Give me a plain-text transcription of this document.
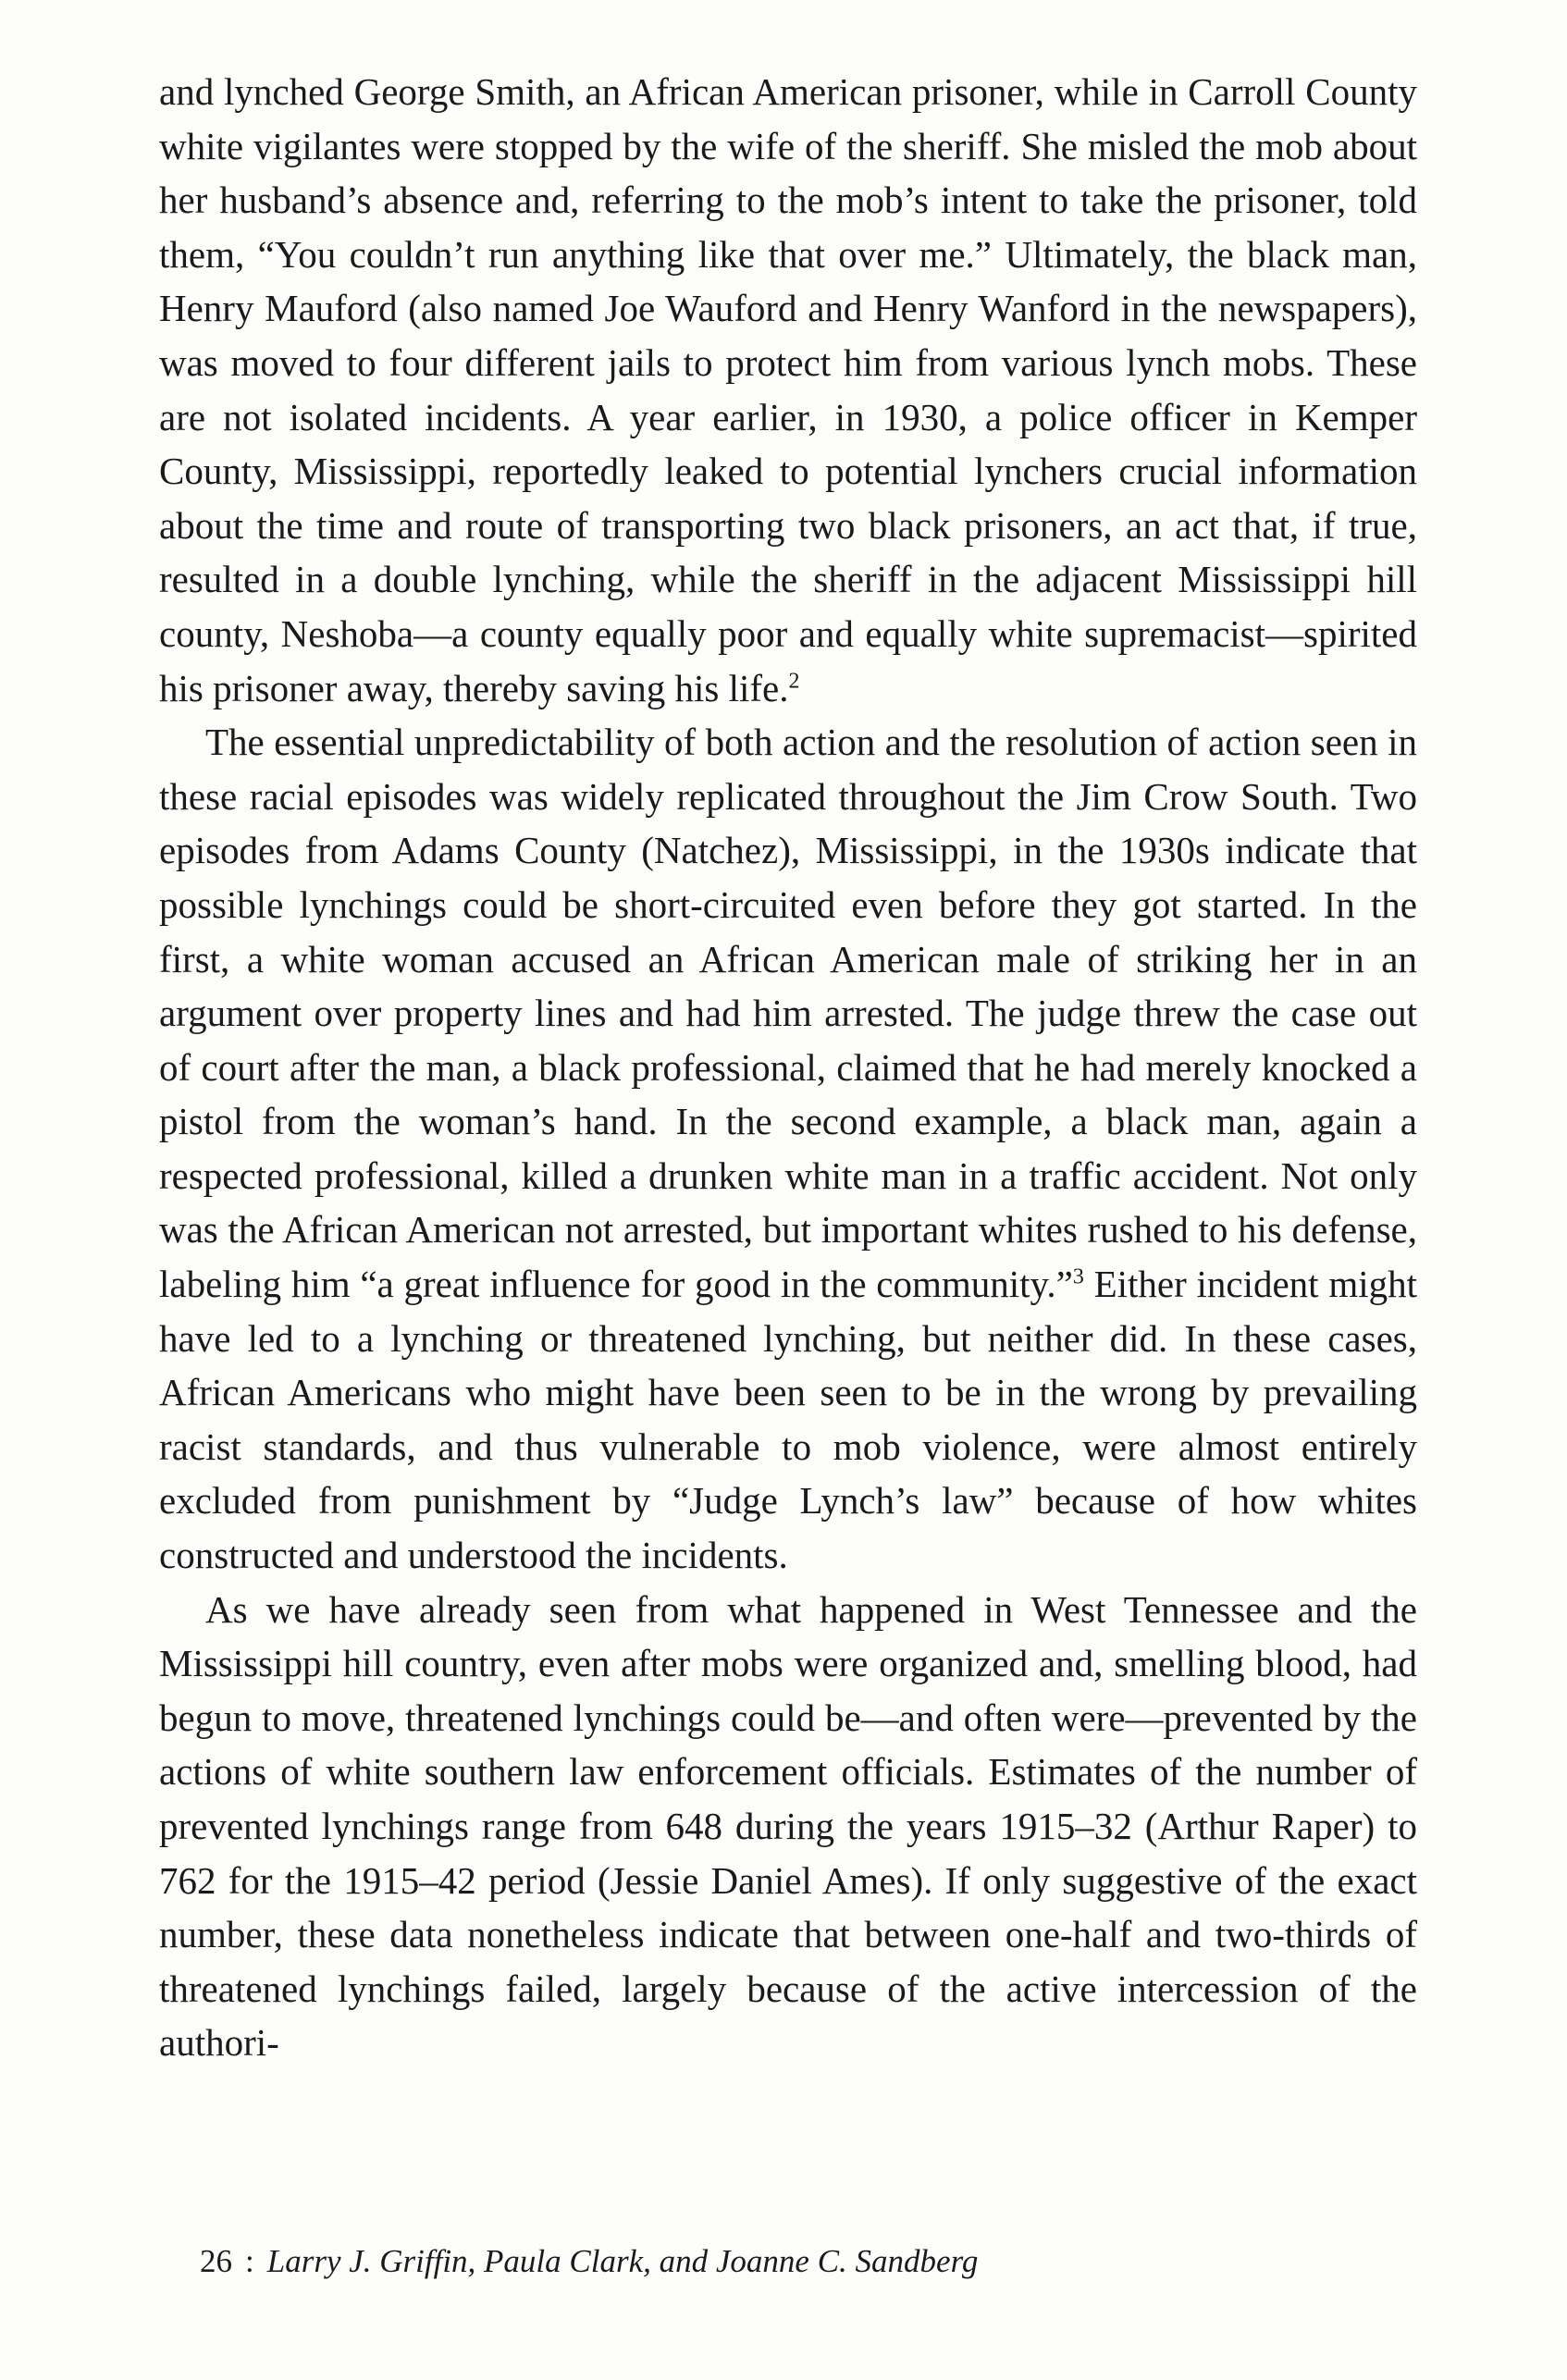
and lynched George Smith, an African American prisoner, while in Carroll County white vigilantes were stopped by the wife of the sheriff. She misled the mob about her husband’s absence and, referring to the mob’s intent to take the prisoner, told them, “You couldn’t run anything like that over me.” Ultimately, the black man, Henry Mauford (also named Joe Wauford and Henry Wanford in the newspapers), was moved to four different jails to protect him from various lynch mobs. These are not isolated incidents. A year earlier, in 1930, a police officer in Kemper County, Mississippi, reportedly leaked to potential lynchers crucial information about the time and route of transporting two black prisoners, an act that, if true, resulted in a double lynching, while the sheriff in the adjacent Mississippi hill county, Neshoba—a county equally poor and equally white supremacist—spirited his prisoner away, thereby saving his life.$^2$

The essential unpredictability of both action and the resolution of action seen in these racial episodes was widely replicated throughout the Jim Crow South. Two episodes from Adams County (Natchez), Mississippi, in the 1930s indicate that possible lynchings could be short-circuited even before they got started. In the first, a white woman accused an African American male of striking her in an argument over property lines and had him arrested. The judge threw the case out of court after the man, a black professional, claimed that he had merely knocked a pistol from the woman’s hand. In the second example, a black man, again a respected professional, killed a drunken white man in a traffic accident. Not only was the African American not arrested, but important whites rushed to his defense, labeling him “a great influence for good in the community.”$^3$ Either incident might have led to a lynching or threatened lynching, but neither did. In these cases, African Americans who might have been seen to be in the wrong by prevailing racist standards, and thus vulnerable to mob violence, were almost entirely excluded from punishment by “Judge Lynch’s law” because of how whites constructed and understood the incidents.

As we have already seen from what happened in West Tennessee and the Mississippi hill country, even after mobs were organized and, smelling blood, had begun to move, threatened lynchings could be—and often were—prevented by the actions of white southern law enforcement officials. Estimates of the number of prevented lynchings range from 648 during the years 1915–32 (Arthur Raper) to 762 for the 1915–42 period (Jessie Daniel Ames). If only suggestive of the exact number, these data nonetheless indicate that between one-half and two-thirds of threatened lynchings failed, largely because of the active intercession of the authori-

26 : Larry J. Griffin, Paula Clark, and Joanne C. Sandberg
